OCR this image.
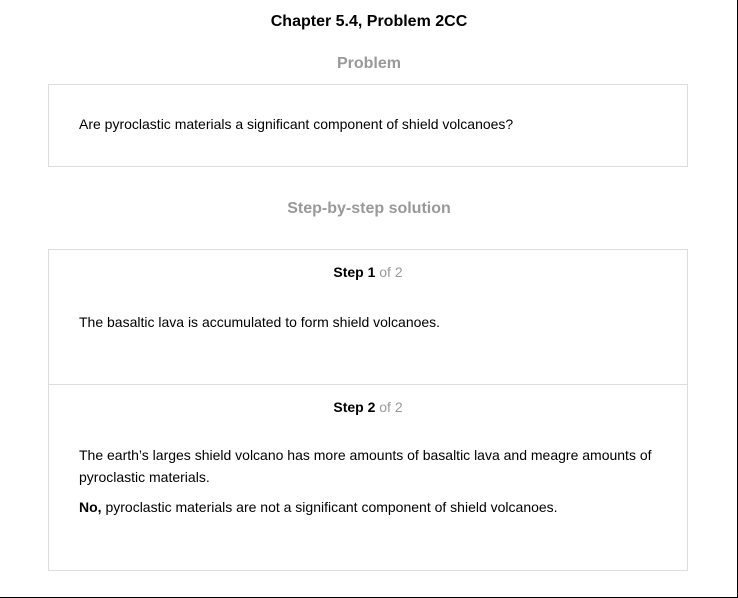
Chapter 5.4, Problem 2CC
Problem
Are pyroclastic materials a significant component of shield volcanoes?
Step-by-step solution
Step 1 of 2

The basaltic lava is accumulated to form shield volcanoes.

Step 2 of 2

The earth’s larges shield volcano has more amounts of basaltic lava and meagre amounts of pyroclastic materials.

No, pyroclastic materials are not a significant component of shield volcanoes.
